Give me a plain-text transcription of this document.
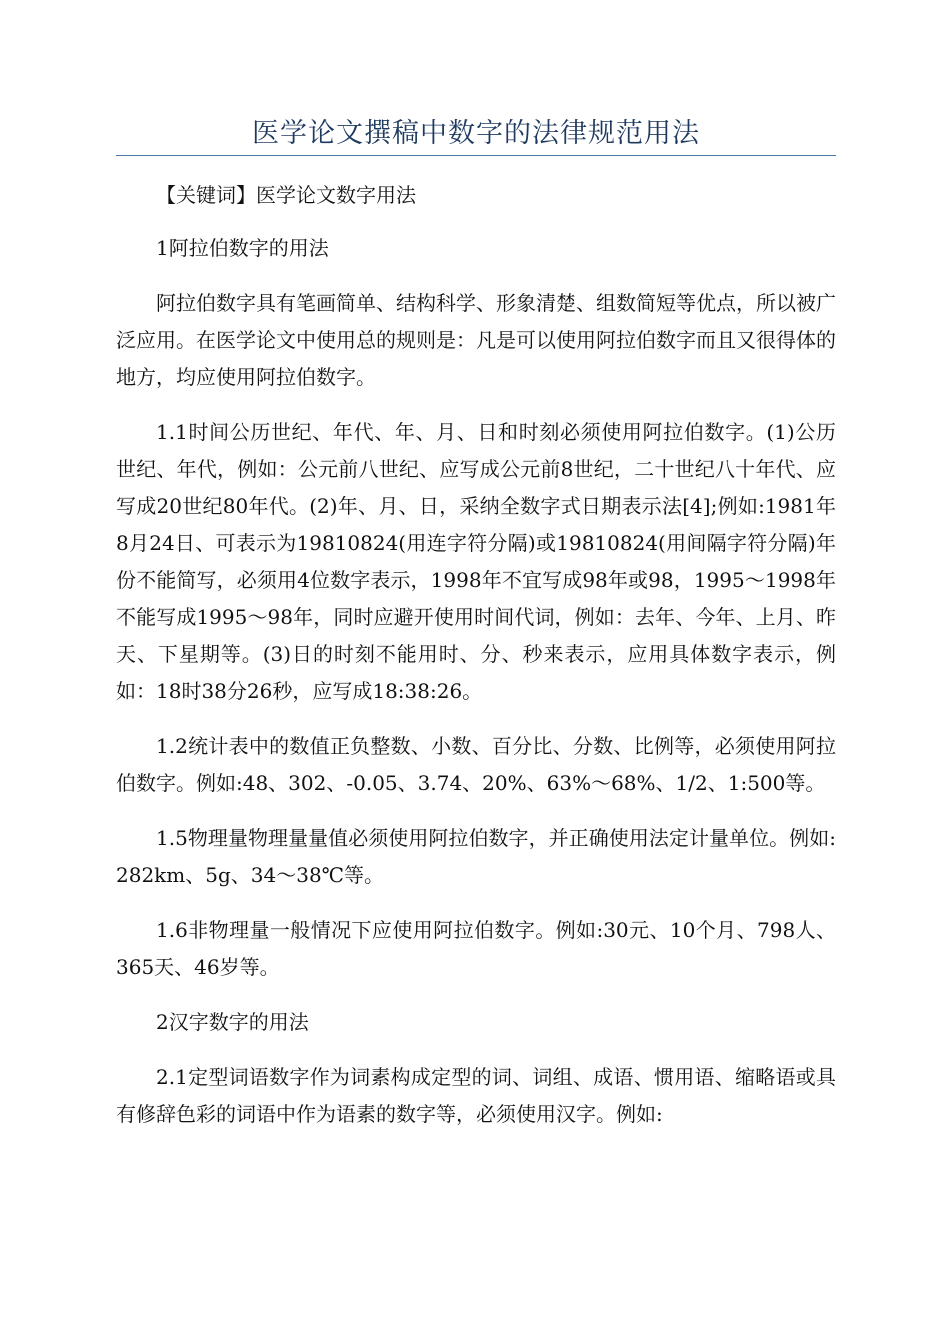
医学论文撰稿中数字的法律规范用法

【关键词】医学论文数字用法

1阿拉伯数字的用法

阿拉伯数字具有笔画简单、结构科学、形象清楚、组数简短等优点，所以被广泛应用。在医学论文中使用总的规则是：凡是可以使用阿拉伯数字而且又很得体的地方，均应使用阿拉伯数字。

1.1时间公历世纪、年代、年、月、日和时刻必须使用阿拉伯数字。(1)公历世纪、年代，例如：公元前八世纪、应写成公元前8世纪，二十世纪八十年代、应写成20世纪80年代。(2)年、月、日，采纳全数字式日期表示法[4];例如:1981年8月24日、可表示为19810824(用连字符分隔)或19810824(用间隔字符分隔)年份不能简写，必须用4位数字表示，1998年不宜写成98年或98，1995～1998年不能写成1995～98年，同时应避开使用时间代词，例如：去年、今年、上月、昨天、下星期等。(3)日的时刻不能用时、分、秒来表示，应用具体数字表示，例如：18时38分26秒，应写成18:38:26。

1.2统计表中的数值正负整数、小数、百分比、分数、比例等，必须使用阿拉伯数字。例如:48、302、-0.05、3.74、20%、63%～68%、1/2、1:500等。

1.5物理量物理量量值必须使用阿拉伯数字，并正确使用法定计量单位。例如:282km、5g、34～38℃等。

1.6非物理量一般情况下应使用阿拉伯数字。例如:30元、10个月、798人、365天、46岁等。

2汉字数字的用法

2.1定型词语数字作为词素构成定型的词、词组、成语、惯用语、缩略语或具有修辞色彩的词语中作为语素的数字等，必须使用汉字。例如:
